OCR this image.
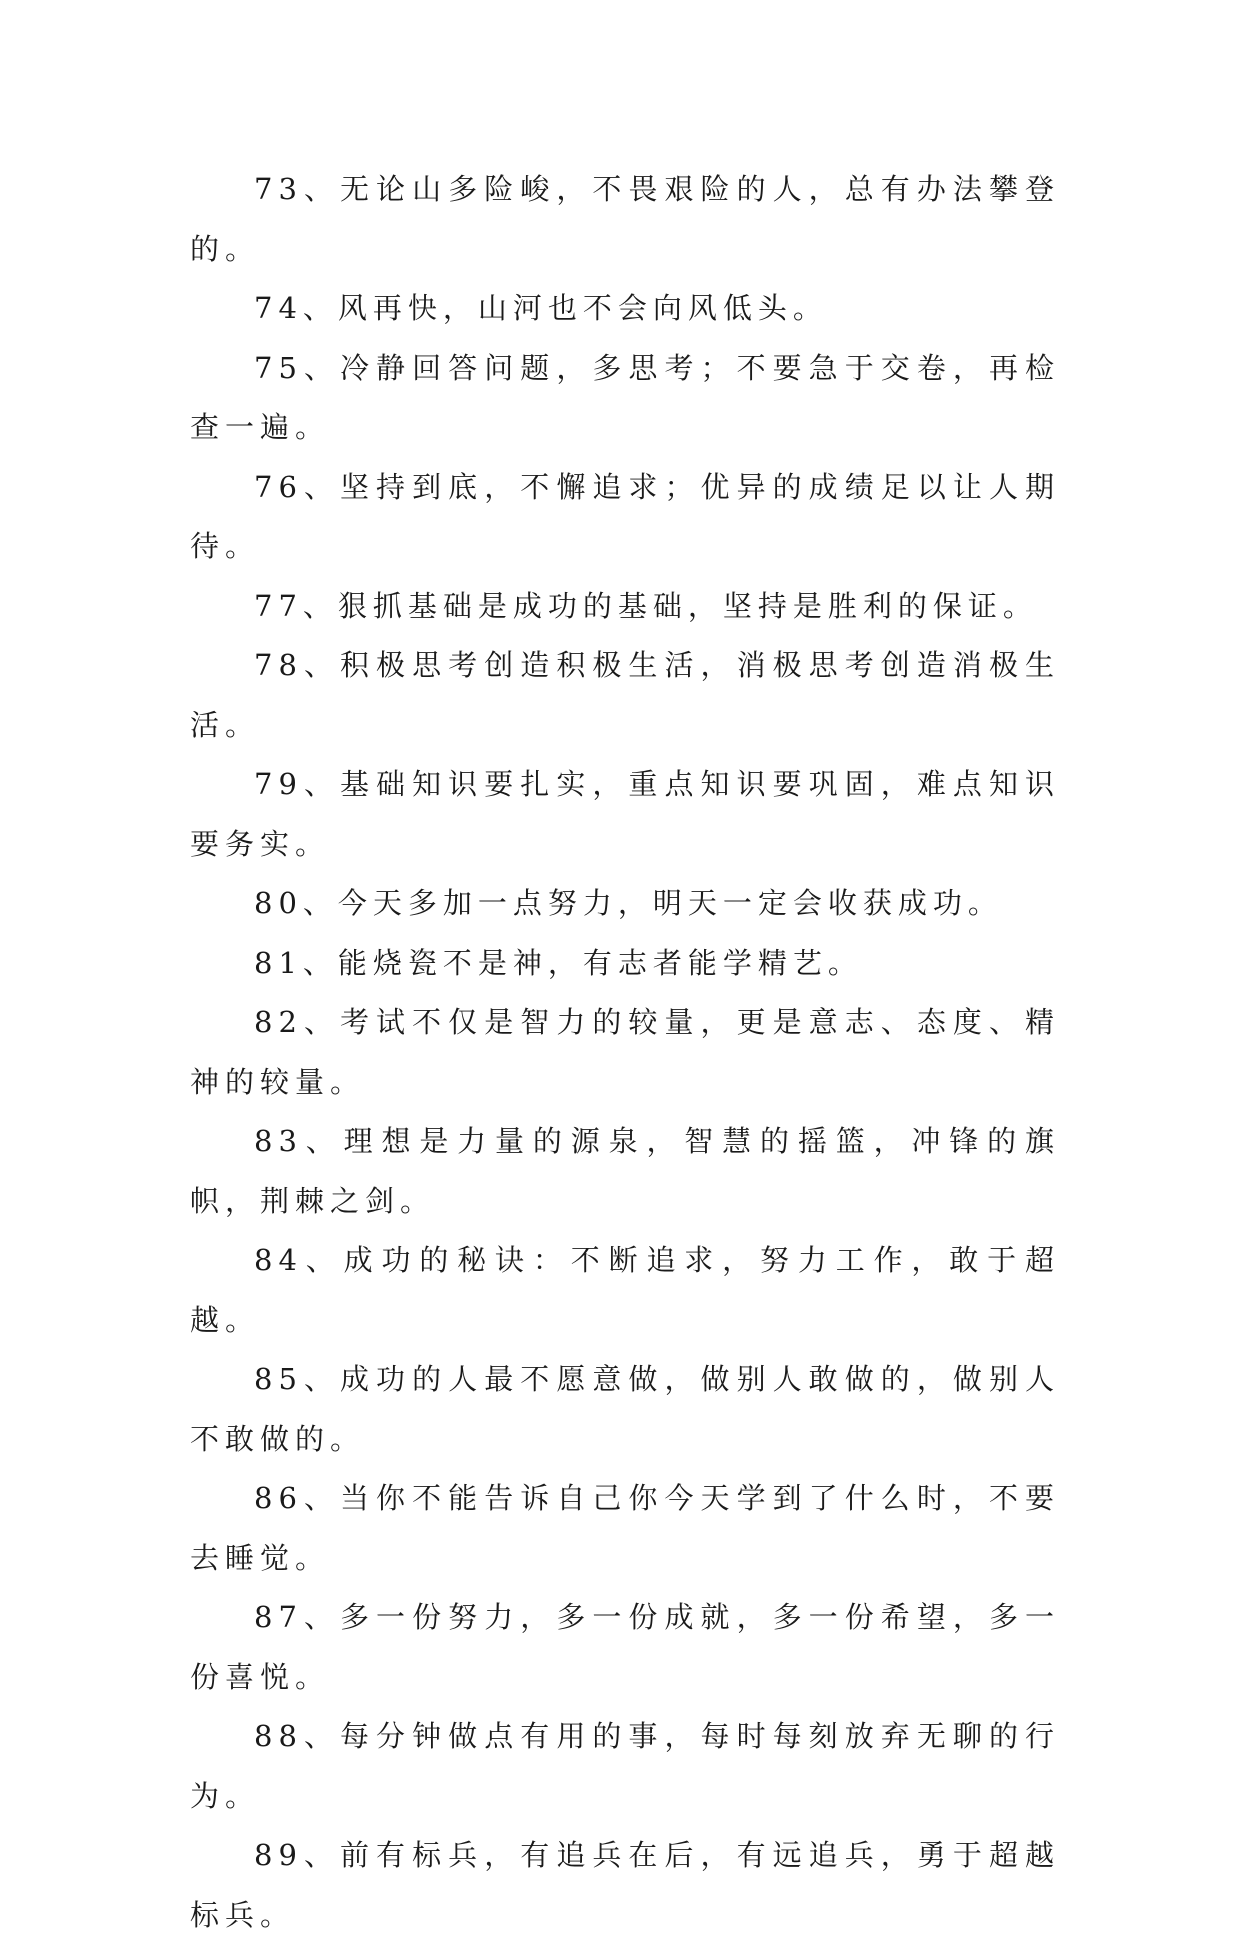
73、无论山多险峻，不畏艰险的人，总有办法攀登的。

74、风再快，山河也不会向风低头。

75、冷静回答问题，多思考；不要急于交卷，再检查一遍。

76、坚持到底，不懈追求；优异的成绩足以让人期待。

77、狠抓基础是成功的基础，坚持是胜利的保证。

78、积极思考创造积极生活，消极思考创造消极生活。

79、基础知识要扎实，重点知识要巩固，难点知识要务实。

80、今天多加一点努力，明天一定会收获成功。

81、能烧瓷不是神，有志者能学精艺。

82、考试不仅是智力的较量，更是意志、态度、精神的较量。

83、理想是力量的源泉，智慧的摇篮，冲锋的旗帜，荆棘之剑。

84、成功的秘诀：不断追求，努力工作，敢于超越。

85、成功的人最不愿意做，做别人敢做的，做别人不敢做的。

86、当你不能告诉自己你今天学到了什么时，不要去睡觉。

87、多一份努力，多一份成就，多一份希望，多一份喜悦。

88、每分钟做点有用的事，每时每刻放弃无聊的行为。

89、前有标兵，有追兵在后，有远追兵，勇于超越标兵。
